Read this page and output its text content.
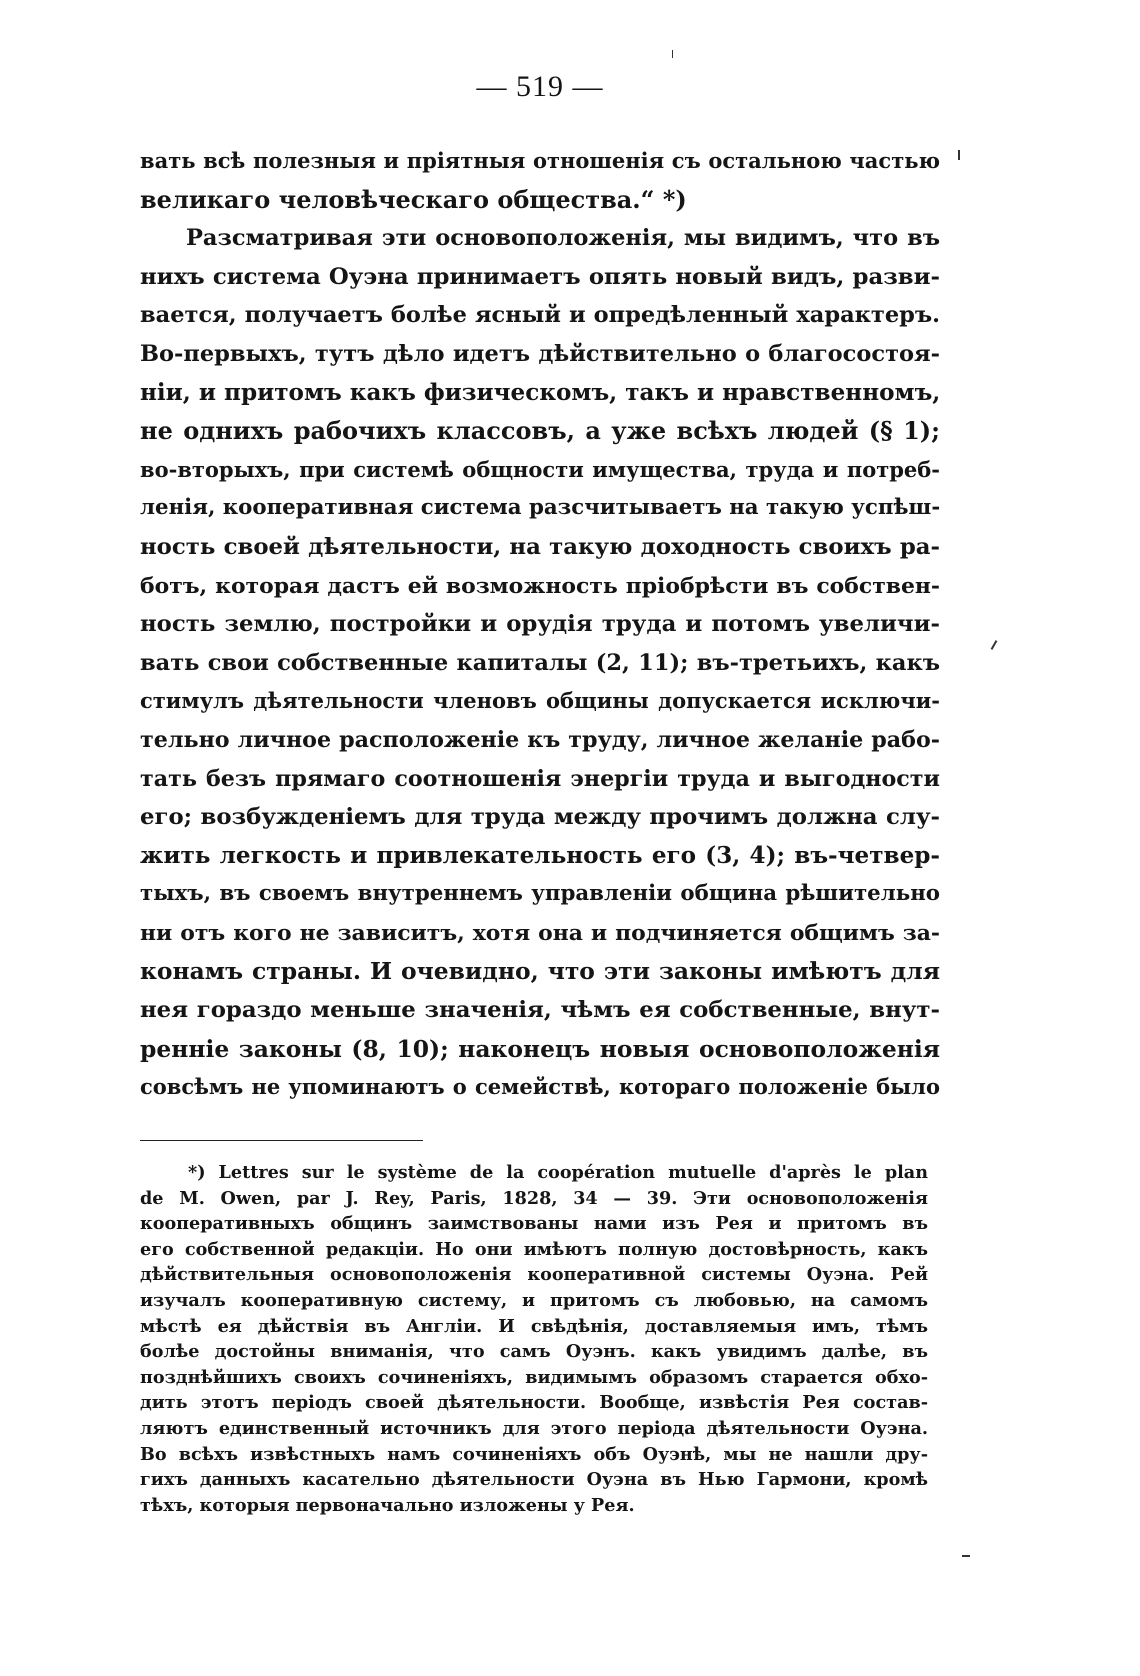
— 519 —
вать всѣ полезныя и пріятныя отношенія съ остальною частью
великаго человѣческаго общества.“ *)
Разсматривая эти основоположенія, мы видимъ, что въ
нихъ система Оуэна принимаетъ опять новый видъ, разви-
вается, получаетъ болѣе ясный и опредѣленный характеръ.
Во-первыхъ, тутъ дѣло идетъ дѣйствительно о благосостоя-
ніи, и притомъ какъ физическомъ, такъ и нравственномъ,
не однихъ рабочихъ классовъ, а уже всѣхъ людей (§ 1);
во-вторыхъ, при системѣ общности имущества, труда и потреб-
ленія, кооперативная система разсчитываетъ на такую успѣш-
ность своей дѣятельности, на такую доходность своихъ ра-
ботъ, которая дастъ ей возможность пріобрѣсти въ собствен-
ность землю, постройки и орудія труда и потомъ увеличи-
вать свои собственные капиталы (2, 11); въ-третьихъ, какъ
стимулъ дѣятельности членовъ общины допускается исключи-
тельно личное расположеніе къ труду, личное желаніе рабо-
тать безъ прямаго соотношенія энергіи труда и выгодности
его; возбужденіемъ для труда между прочимъ должна слу-
жить легкость и привлекательность его (3, 4); въ-четвер-
тыхъ, въ своемъ внутреннемъ управленіи община рѣшительно
ни отъ кого не зависитъ, хотя она и подчиняется общимъ за-
конамъ страны. И очевидно, что эти законы имѣютъ для
нея гораздо меньше значенія, чѣмъ ея собственные, внут-
ренніе законы (8, 10); наконецъ новыя основоположенія
совсѣмъ не упоминаютъ о семействѣ, котораго положеніе было
*) Lettres sur le système de la coopération mutuelle d'après le plan
de M. Owen, par J. Rey, Paris, 1828, 34 — 39. Эти основоположенія
кооперативныхъ общинъ заимствованы нами изъ Рея и притомъ въ
его собственной редакціи. Но они имѣютъ полную достовѣрность, какъ
дѣйствительныя основоположенія кооперативной системы Оуэна. Рей
изучалъ кооперативную систему, и притомъ съ любовью, на самомъ
мѣстѣ ея дѣйствія въ Англіи. И свѣдѣнія, доставляемыя имъ, тѣмъ
болѣе достойны вниманія, что самъ Оуэнъ. какъ увидимъ далѣе, въ
позднѣйшихъ своихъ сочиненіяхъ, видимымъ образомъ старается обхо-
дить этотъ періодъ своей дѣятельности. Вообще, извѣстія Рея состав-
ляютъ единственный источникъ для этого періода дѣятельности Оуэна.
Во всѣхъ извѣстныхъ намъ сочиненіяхъ объ Оуэнѣ, мы не нашли дру-
гихъ данныхъ касательно дѣятельности Оуэна въ Нью Гармони, кромѣ
тѣхъ, которыя первоначально изложены у Рея.
